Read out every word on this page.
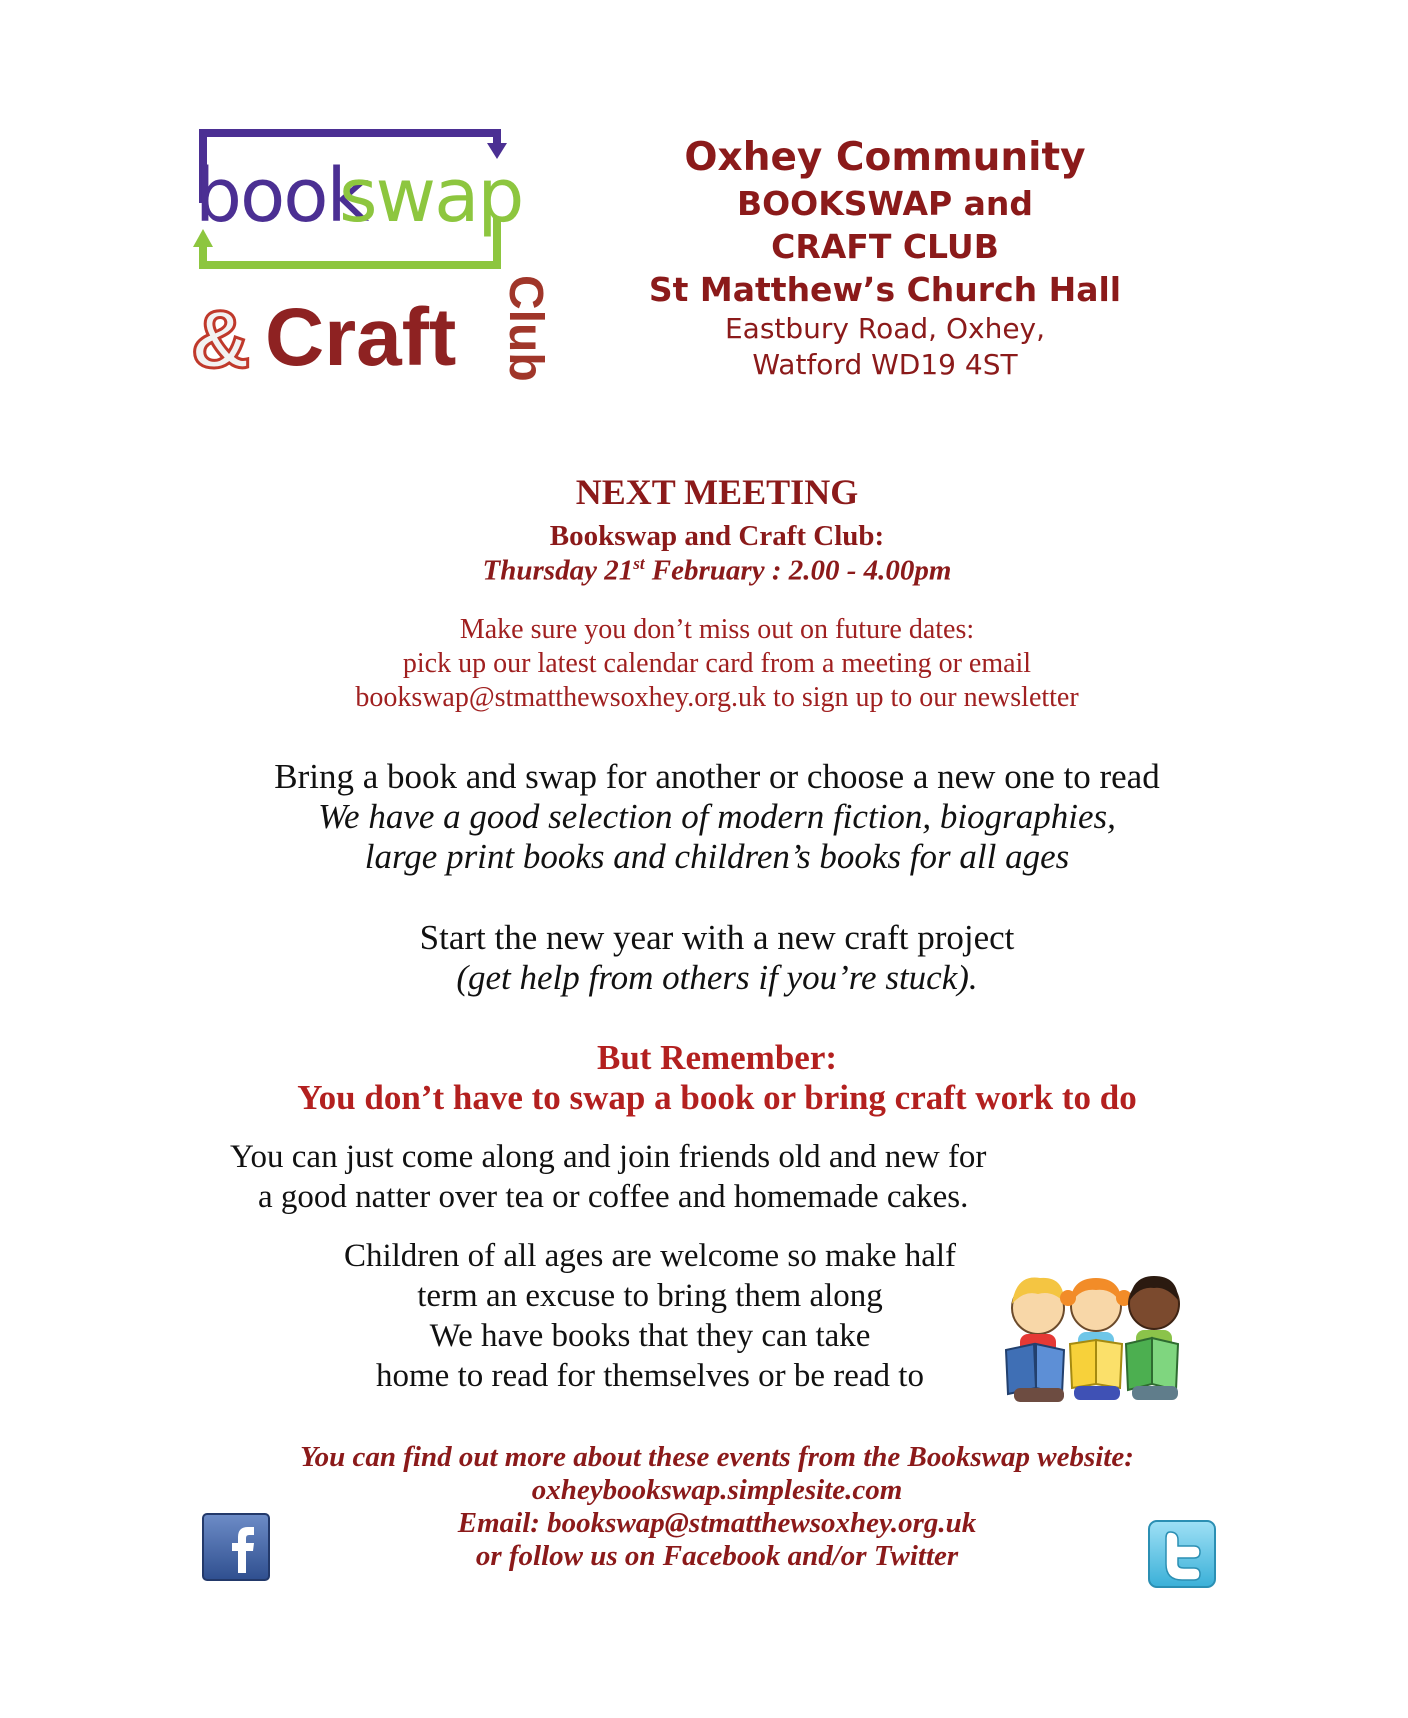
book
swap
& Craft Club
Oxhey Community
BOOKSWAP and
CRAFT CLUB
St Matthew’s Church Hall
Eastbury Road, Oxhey,
Watford WD19 4ST
NEXT MEETING
Bookswap and Craft Club:
Thursday 21st February : 2.00 - 4.00pm
Make sure you don’t miss out on future dates:
pick up our latest calendar card from a meeting or email
bookswap@stmatthewsoxhey.org.uk to sign up to our newsletter
Bring a book and swap for another or choose a new one to read
We have a good selection of modern fiction, biographies,
large print books and children’s books for all ages
Start the new year with a new craft project
(get help from others if you’re stuck).
But Remember:
You don’t have to swap a book or bring craft work to do
You can just come along and join friends old and new for
a good natter over tea or coffee and homemade cakes.
Children of all ages are welcome so make half
term an excuse to bring them along
We have books that they can take
home to read for themselves or be read to
You can find out more about these events from the Bookswap website:
oxheybookswap.simplesite.com
Email: bookswap@stmatthewsoxhey.org.uk
or follow us on Facebook and/or Twitter
